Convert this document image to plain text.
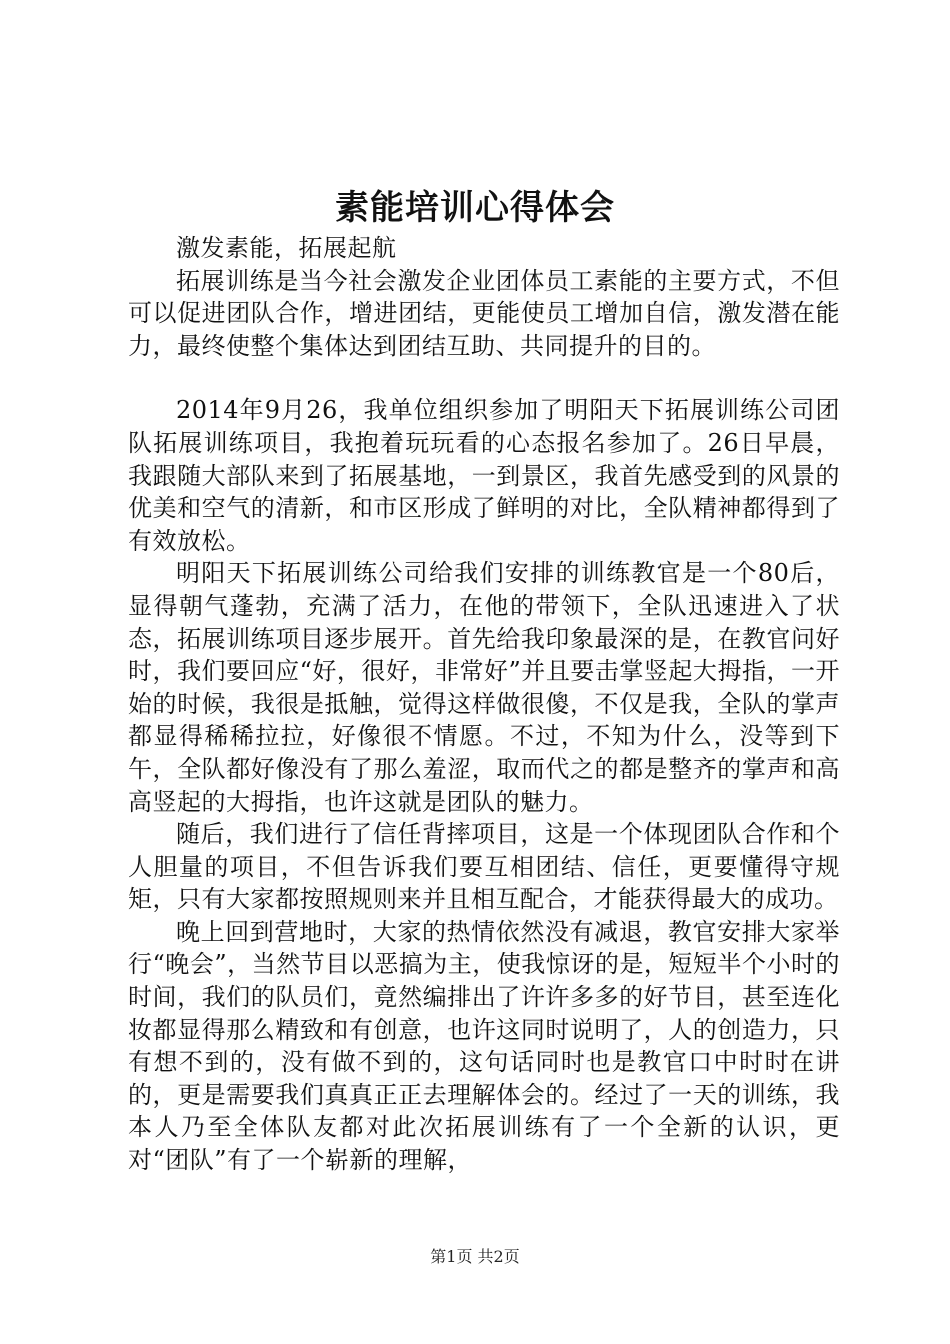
素能培训心得体会

激发素能，拓展起航

拓展训练是当今社会激发企业团体员工素能的主要方式，不但可以促进团队合作，增进团结，更能使员工增加自信，激发潜在能力，最终使整个集体达到团结互助、共同提升的目的。

2014年9月26，我单位组织参加了明阳天下拓展训练公司团队拓展训练项目，我抱着玩玩看的心态报名参加了。26日早晨，我跟随大部队来到了拓展基地，一到景区，我首先感受到的风景的优美和空气的清新，和市区形成了鲜明的对比，全队精神都得到了有效放松。

明阳天下拓展训练公司给我们安排的训练教官是一个80后，显得朝气蓬勃，充满了活力，在他的带领下，全队迅速进入了状态，拓展训练项目逐步展开。首先给我印象最深的是，在教官问好时，我们要回应“好，很好，非常好”并且要击掌竖起大拇指，一开始的时候，我很是抵触，觉得这样做很傻，不仅是我，全队的掌声都显得稀稀拉拉，好像很不情愿。不过，不知为什么，没等到下午，全队都好像没有了那么羞涩，取而代之的都是整齐的掌声和高高竖起的大拇指，也许这就是团队的魅力。

随后，我们进行了信任背摔项目，这是一个体现团队合作和个人胆量的项目，不但告诉我们要互相团结、信任，更要懂得守规矩，只有大家都按照规则来并且相互配合，才能获得最大的成功。

晚上回到营地时，大家的热情依然没有减退，教官安排大家举行“晚会”，当然节目以恶搞为主，使我惊讶的是，短短半个小时的时间，我们的队员们，竟然编排出了许许多多的好节目，甚至连化妆都显得那么精致和有创意，也许这同时说明了，人的创造力，只有想不到的，没有做不到的，这句话同时也是教官口中时时在讲的，更是需要我们真真正正去理解体会的。经过了一天的训练，我本人乃至全体队友都对此次拓展训练有了一个全新的认识，更对“团队”有了一个崭新的理解，

第1页 共2页
